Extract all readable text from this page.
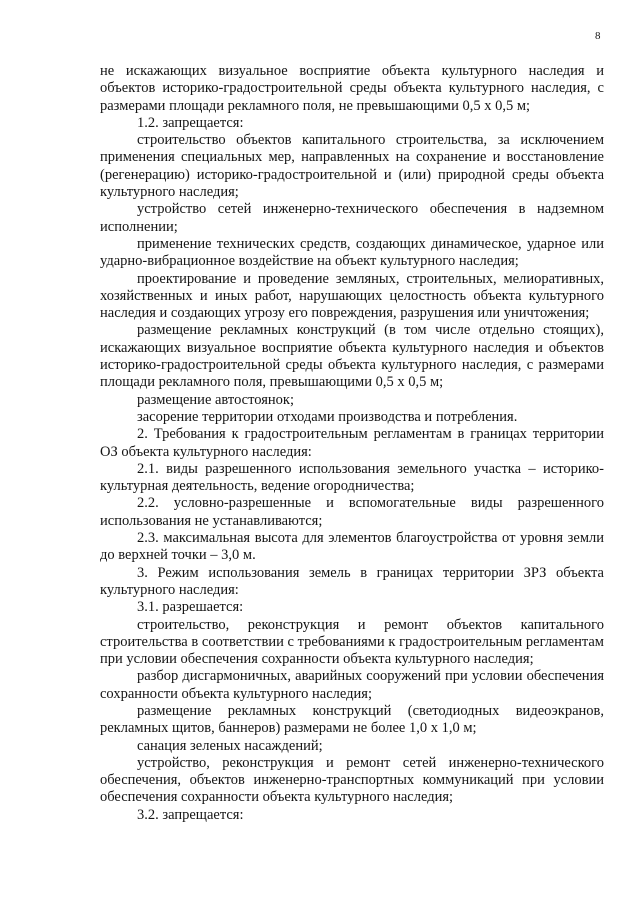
8

не искажающих визуальное восприятие объекта культурного наследия и объектов историко-градостроительной среды объекта культурного наследия, с размерами площади рекламного поля, не превышающими 0,5 х 0,5 м;

1.2. запрещается:

строительство объектов капитального строительства, за исключением применения специальных мер, направленных на сохранение и восстановление (регенерацию) историко-градостроительной и (или) природной среды объекта культурного наследия;

устройство сетей инженерно-технического обеспечения в надземном исполнении;

применение технических средств, создающих динамическое, ударное или ударно-вибрационное воздействие на объект культурного наследия;

проектирование и проведение земляных, строительных, мелиоративных, хозяйственных и иных работ, нарушающих целостность объекта культурного наследия и создающих угрозу его повреждения, разрушения или уничтожения;

размещение рекламных конструкций (в том числе отдельно стоящих), искажающих визуальное восприятие объекта культурного наследия и объектов историко-градостроительной среды объекта культурного наследия, с размерами площади рекламного поля, превышающими 0,5 х 0,5 м;

размещение автостоянок;

засорение территории отходами производства и потребления.

2. Требования к градостроительным регламентам в границах территории ОЗ объекта культурного наследия:

2.1. виды разрешенного использования земельного участка – историко-культурная деятельность, ведение огородничества;

2.2. условно-разрешенные и вспомогательные виды разрешенного использования не устанавливаются;

2.3. максимальная высота для элементов благоустройства от уровня земли до верхней точки – 3,0 м.

3. Режим использования земель в границах территории ЗРЗ объекта культурного наследия:

3.1. разрешается:

строительство, реконструкция и ремонт объектов капитального строительства в соответствии с требованиями к градостроительным регламентам при условии обеспечения сохранности объекта культурного наследия;

разбор дисгармоничных, аварийных сооружений при условии обеспечения сохранности объекта культурного наследия;

размещение рекламных конструкций (светодиодных видеоэкранов, рекламных щитов, баннеров) размерами не более 1,0 х 1,0 м;

санация зеленых насаждений;

устройство, реконструкция и ремонт сетей инженерно-технического обеспечения, объектов инженерно-транспортных коммуникаций при условии обеспечения сохранности объекта культурного наследия;

3.2. запрещается:
